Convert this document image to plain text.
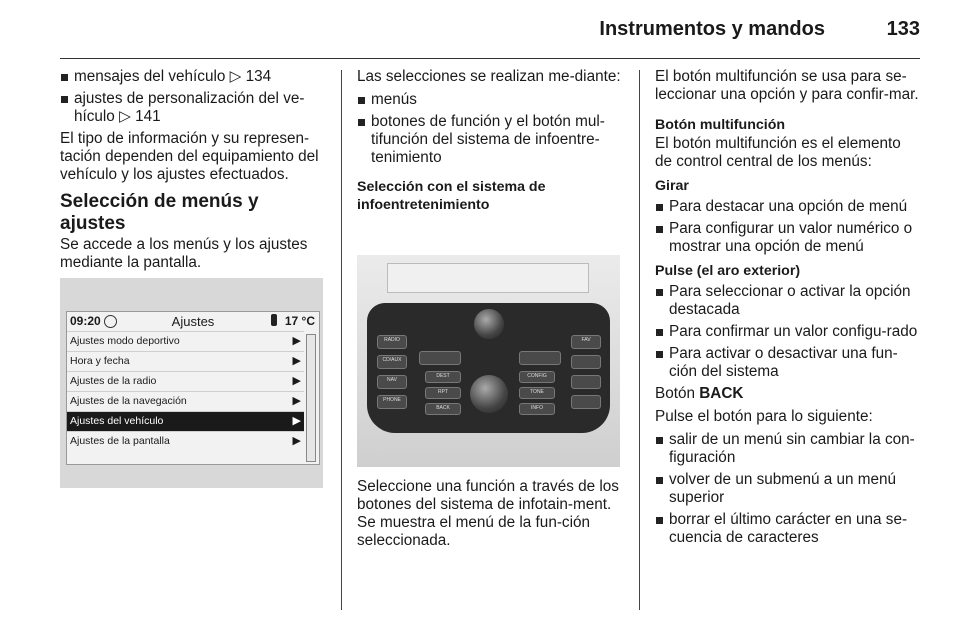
Instrumentos y mandos	133
mensajes del vehículo ▷ 134
ajustes de personalización del ve-hículo ▷ 141

El tipo de información y su represen-tación dependen del equipamiento del vehículo y los ajustes efectuados.

Selección de menús y ajustes

Se accede a los menús y los ajustes mediante la pantalla.

09:20	Ajustes	17 °C
Ajustes modo deportivo	▶
Hora y fecha	▶
Ajustes de la radio	▶
Ajustes de la navegación	▶
Ajustes del vehículo	▶
Ajustes de la pantalla	▶

Las selecciones se realizan me-diante:

menús
botones de función y el botón mul-tifunción del sistema de infoentre-tenimiento
Selección con el sistema de infoentretenimiento
RADIO
CD/AUX
NAV
PHONE
DEST
RPT
BACK
CONFIG
TONE
INFO
FAV

Seleccione una función a través de los botones del sistema de infotain-ment. Se muestra el menú de la fun-ción seleccionada.

El botón multifunción se usa para se-leccionar una opción y para confir-mar.

Botón multifunción

El botón multifunción es el elemento de control central de los menús:

Girar
Para destacar una opción de menú
Para configurar un valor numérico o mostrar una opción de menú
Pulse (el aro exterior)
Para seleccionar o activar la opción destacada
Para confirmar un valor configu-rado
Para activar o desactivar una fun-ción del sistema

Botón BACK

Pulse el botón para lo siguiente:

salir de un menú sin cambiar la con-figuración
volver de un submenú a un menú superior
borrar el último carácter en una se-cuencia de caracteres
